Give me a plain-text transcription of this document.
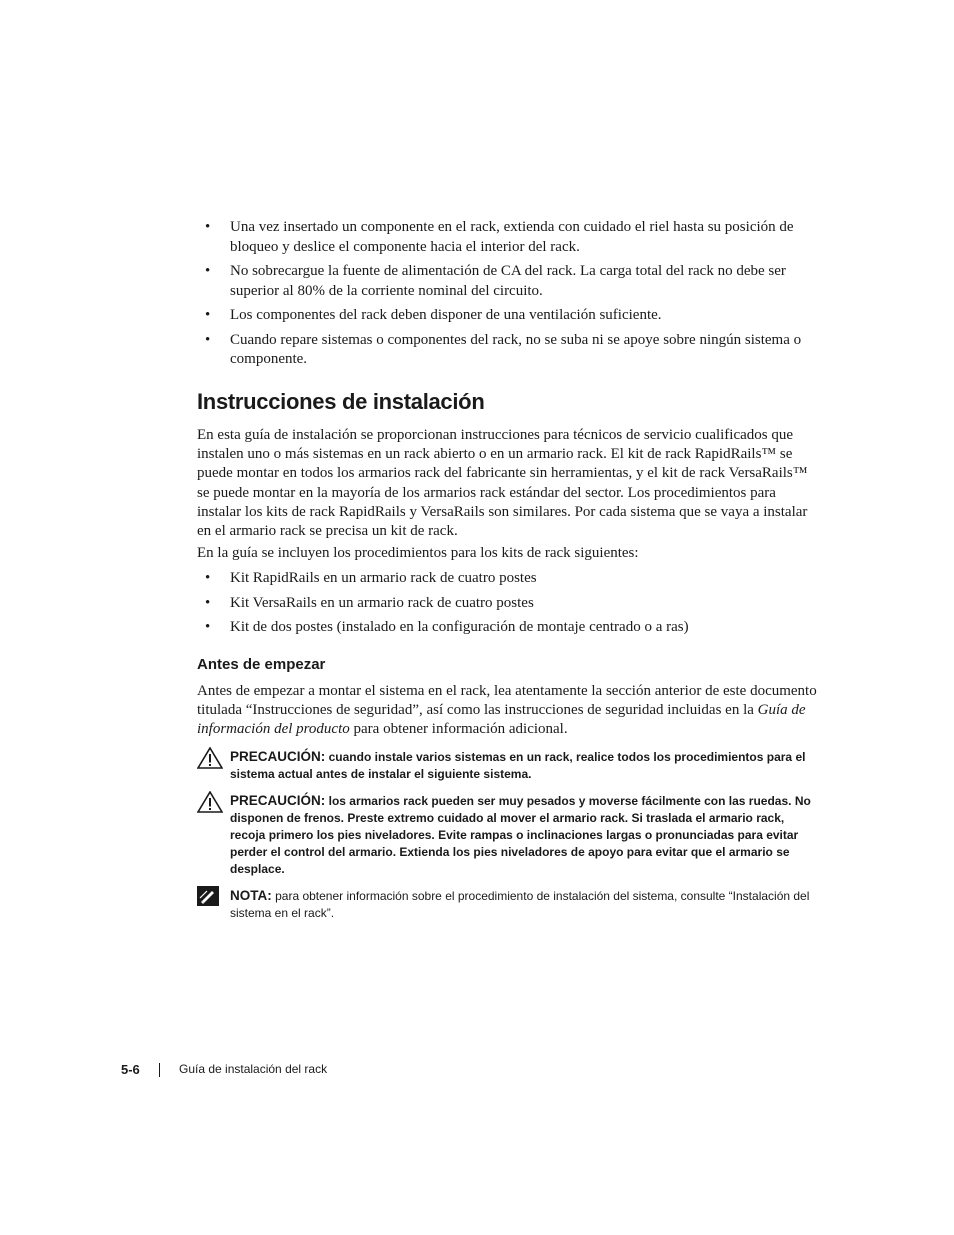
• Una vez insertado un componente en el rack, extienda con cuidado el riel hasta su posición de bloqueo y deslice el componente hacia el interior del rack.
• No sobrecargue la fuente de alimentación de CA del rack. La carga total del rack no debe ser superior al 80% de la corriente nominal del circuito.
• Los componentes del rack deben disponer de una ventilación suficiente.
• Cuando repare sistemas o componentes del rack, no se suba ni se apoye sobre ningún sistema o componente.
Instrucciones de instalación

En esta guía de instalación se proporcionan instrucciones para técnicos de servicio cualificados que instalen uno o más sistemas en un rack abierto o en un armario rack. El kit de rack RapidRails™ se puede montar en todos los armarios rack del fabricante sin herramientas, y el kit de rack VersaRails™ se puede montar en la mayoría de los armarios rack estándar del sector. Los procedimientos para instalar los kits de rack RapidRails y VersaRails son similares. Por cada sistema que se vaya a instalar en el armario rack se precisa un kit de rack.

En la guía se incluyen los procedimientos para los kits de rack siguientes:

• Kit RapidRails en un armario rack de cuatro postes
• Kit VersaRails en un armario rack de cuatro postes
• Kit de dos postes (instalado en la configuración de montaje centrado o a ras)
Antes de empezar

Antes de empezar a montar el sistema en el rack, lea atentamente la sección anterior de este documento titulada “Instrucciones de seguridad”, así como las instrucciones de seguridad incluidas en la Guía de información del producto para obtener información adicional.

PRECAUCIÓN: cuando instale varios sistemas en un rack, realice todos los procedimientos para el sistema actual antes de instalar el siguiente sistema.
PRECAUCIÓN: los armarios rack pueden ser muy pesados y moverse fácilmente con las ruedas. No disponen de frenos. Preste extremo cuidado al mover el armario rack. Si traslada el armario rack, recoja primero los pies niveladores. Evite rampas o inclinaciones largas o pronunciadas para evitar perder el control del armario. Extienda los pies niveladores de apoyo para evitar que el armario se desplace.
NOTA: para obtener información sobre el procedimiento de instalación del sistema, consulte “Instalación del sistema en el rack”.
5-6	Guía de instalación del rack
